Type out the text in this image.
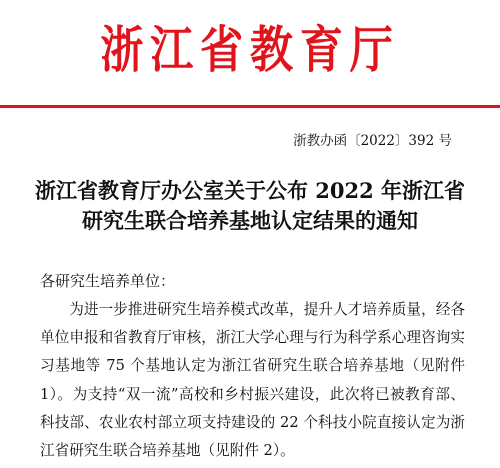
浙江省教育厅
浙教办函〔2022〕392 号
浙江省教育厅办公室关于公布 2022 年浙江省
研究生联合培养基地认定结果的通知
各研究生培养单位：

为进一步推进研究生培养模式改革，提升人才培养质量，经各单位申报和省教育厅审核，浙江大学心理与行为科学系心理咨询实习基地等 75 个基地认定为浙江省研究生联合培养基地（见附件 1）。为支持“双一流”高校和乡村振兴建设，此次将已被教育部、科技部、农业农村部立项支持建设的 22 个科技小院直接认定为浙江省研究生联合培养基地（见附件 2）。
